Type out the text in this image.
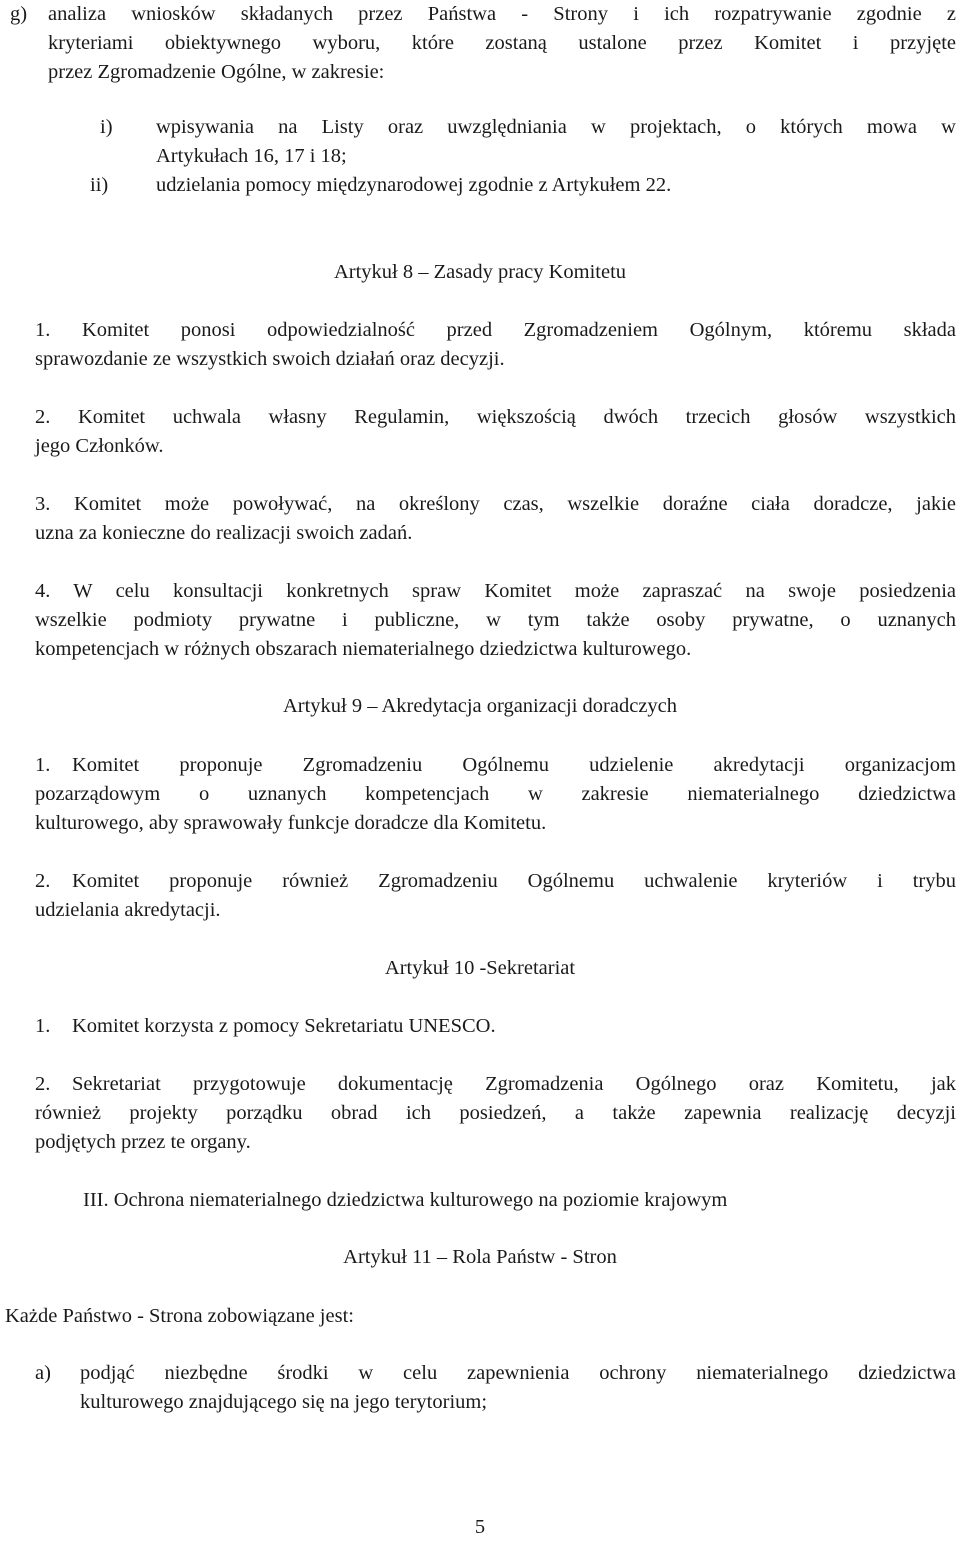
g)	analiza wniosków składanych przez Państwa - Strony i ich rozpatrywanie zgodnie z
kryteriami obiektywnego wyboru, które zostaną ustalone przez Komitet i przyjęte
przez Zgromadzenie Ogólne, w zakresie:
i)	wpisywania na Listy oraz uwzględniania w projektach, o których mowa w
Artykułach 16, 17 i 18;
ii)	udzielania pomocy międzynarodowej zgodnie z Artykułem 22.
Artykuł 8 – Zasady pracy Komitetu
1. Komitet ponosi odpowiedzialność przed Zgromadzeniem Ogólnym, któremu składa
sprawozdanie ze wszystkich swoich działań oraz decyzji.
2. Komitet uchwala własny Regulamin, większością dwóch trzecich głosów wszystkich
jego Członków.
3. Komitet może powoływać, na określony czas, wszelkie doraźne ciała doradcze, jakie
uzna za konieczne do realizacji swoich zadań.
4. W celu konsultacji konkretnych spraw Komitet może zapraszać na swoje posiedzenia
wszelkie podmioty prywatne i publiczne, w tym także osoby prywatne, o uznanych
kompetencjach w różnych obszarach niematerialnego dziedzictwa kulturowego.
Artykuł 9 – Akredytacja organizacji doradczych
1.	Komitet proponuje Zgromadzeniu Ogólnemu udzielenie akredytacji organizacjom
pozarządowym o uznanych kompetencjach w zakresie niematerialnego dziedzictwa
kulturowego, aby sprawowały funkcje doradcze dla Komitetu.
2.	Komitet proponuje również Zgromadzeniu Ogólnemu uchwalenie kryteriów i trybu
udzielania akredytacji.
Artykuł 10 -Sekretariat
1.	Komitet korzysta z pomocy Sekretariatu UNESCO.
2.	Sekretariat przygotowuje dokumentację Zgromadzenia Ogólnego oraz Komitetu, jak
również projekty porządku obrad ich posiedzeń, a także zapewnia realizację decyzji
podjętych przez te organy.
III. Ochrona niematerialnego dziedzictwa kulturowego na poziomie krajowym
Artykuł 11 – Rola Państw - Stron
Każde Państwo - Strona zobowiązane jest:
a)	podjąć niezbędne środki w celu zapewnienia ochrony niematerialnego dziedzictwa
kulturowego znajdującego się na jego terytorium;
5
